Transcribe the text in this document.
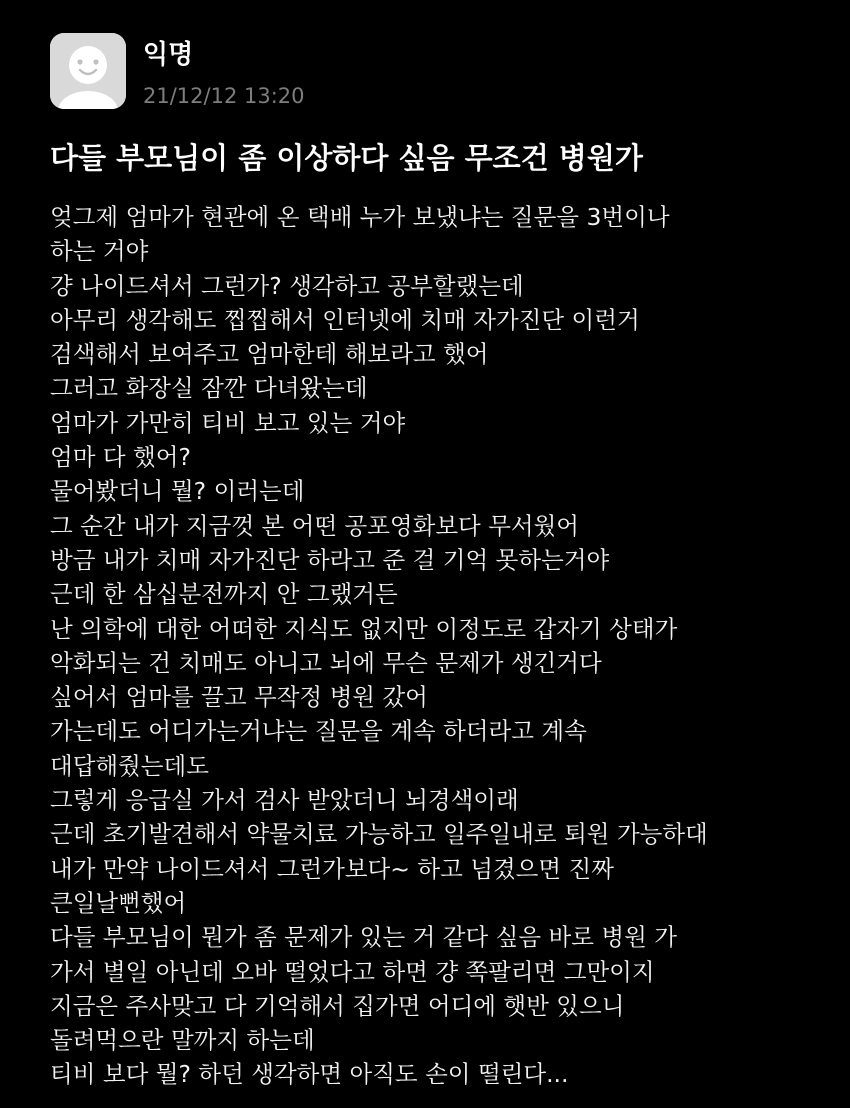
익명
21/12/12 13:20
다들 부모님이 좀 이상하다 싶음 무조건 병원가
엊그제 엄마가 현관에 온 택배 누가 보냈냐는 질문을 3번이나
하는 거야
걍 나이드셔서 그런가? 생각하고 공부할랬는데
아무리 생각해도 찝찝해서 인터넷에 치매 자가진단 이런거
검색해서 보여주고 엄마한테 해보라고 했어
그러고 화장실 잠깐 다녀왔는데
엄마가 가만히 티비 보고 있는 거야
엄마 다 했어?
물어봤더니 뭘? 이러는데
그 순간 내가 지금껏 본 어떤 공포영화보다 무서웠어
방금 내가 치매 자가진단 하라고 준 걸 기억 못하는거야
근데 한 삼십분전까지 안 그랬거든
난 의학에 대한 어떠한 지식도 없지만 이정도로 갑자기 상태가
악화되는 건 치매도 아니고 뇌에 무슨 문제가 생긴거다
싶어서 엄마를 끌고 무작정 병원 갔어
가는데도 어디가는거냐는 질문을 계속 하더라고 계속
대답해줬는데도
그렇게 응급실 가서 검사 받았더니 뇌경색이래
근데 초기발견해서 약물치료 가능하고 일주일내로 퇴원 가능하대
내가 만약 나이드셔서 그런가보다~ 하고 넘겼으면 진짜
큰일날뻔했어
다들 부모님이 뭔가 좀 문제가 있는 거 같다 싶음 바로 병원 가
가서 별일 아닌데 오바 떨었다고 하면 걍 쪽팔리면 그만이지
지금은 주사맞고 다 기억해서 집가면 어디에 햇반 있으니
돌려먹으란 말까지 하는데
티비 보다 뭘? 하던 생각하면 아직도 손이 떨린다...
